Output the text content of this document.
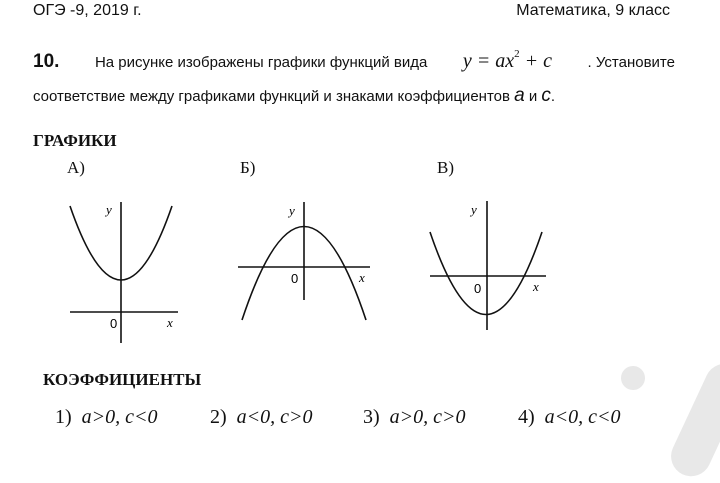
ОГЭ -9, 2019 г.	Математика, 9 класс
10. На рисунке изображены графики функций вида $y = ax^2 + c$ . Установите
соответствие между графиками функций и знаками коэффициентов a и c.
ГРАФИКИ
А)	Б)	В)
y
x
0
y
x
0
y
x
0
КОЭФФИЦИЕНТЫ
1) a>0, c<0	2) a<0, c>0	3) a>0, c>0	4) a<0, c<0
